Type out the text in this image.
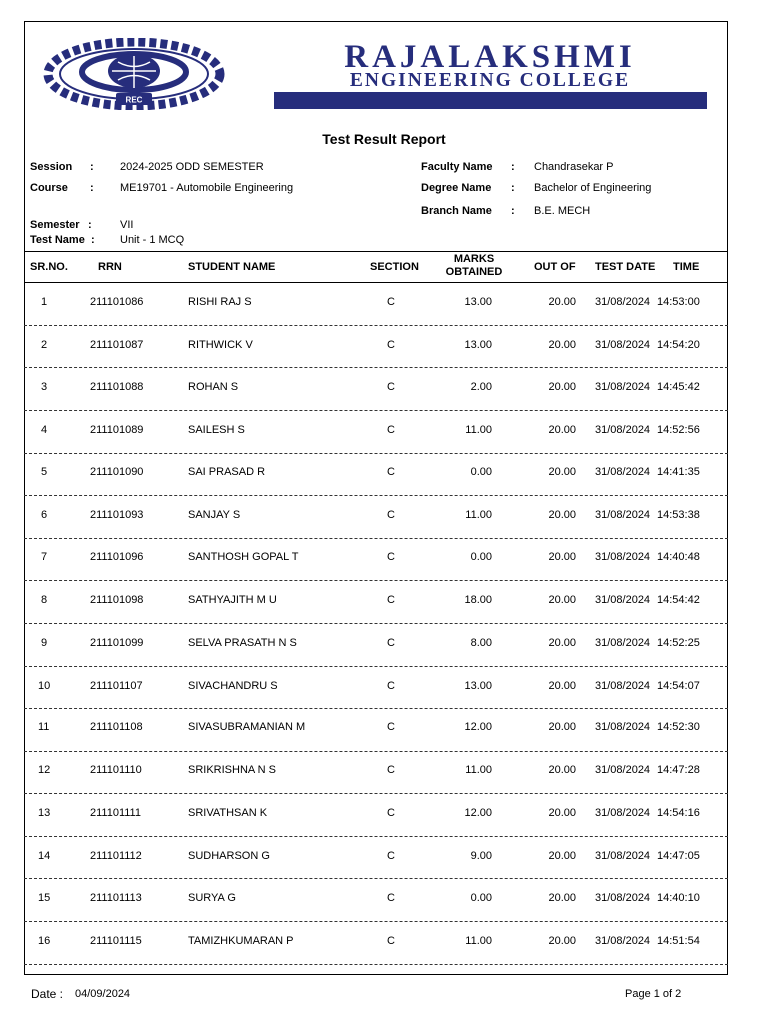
REC
RAJALAKSHMI
ENGINEERING COLLEGE
Test Result Report
Session : 2024-2025 ODD SEMESTER
Course : ME19701 - Automobile Engineering
Semester :	VII
Test Name : Unit - 1 MCQ
Faculty Name : Chandrasekar P
Degree Name : Bachelor of Engineering
Branch Name : B.E. MECH
SR.NO.	RRN	STUDENT NAME	SECTION
MARKS
OBTAINED	OUT OF TEST DATE TIME
1	211101086	RISHI RAJ S	C	13.00	20.00 31/08/2024 14:53:00
2	211101087	RITHWICK V	C	13.00	20.00 31/08/2024 14:54:20
3	211101088	ROHAN S	C	2.00	20.00 31/08/2024 14:45:42
4	211101089	SAILESH S	C	11.00	20.00 31/08/2024 14:52:56
5	211101090	SAI PRASAD R	C	0.00	20.00 31/08/2024 14:41:35
6	211101093	SANJAY S	C	11.00	20.00 31/08/2024 14:53:38
7	211101096	SANTHOSH GOPAL T	C	0.00	20.00 31/08/2024 14:40:48
8	211101098	SATHYAJITH M U	C	18.00	20.00 31/08/2024 14:54:42
9	211101099	SELVA PRASATH N S	C	8.00	20.00 31/08/2024 14:52:25
10	211101107	SIVACHANDRU S	C	13.00	20.00 31/08/2024 14:54:07
11	211101108	SIVASUBRAMANIAN M	C	12.00	20.00 31/08/2024 14:52:30
12	211101110	SRIKRISHNA N S	C	11.00	20.00 31/08/2024 14:47:28
13	211101111	SRIVATHSAN K	C	12.00	20.00 31/08/2024 14:54:16
14	211101112	SUDHARSON G	C	9.00	20.00 31/08/2024 14:47:05
15	211101113	SURYA G	C	0.00	20.00 31/08/2024 14:40:10
16	211101115	TAMIZHKUMARAN P	C	11.00	20.00 31/08/2024 14:51:54
Date : 04/09/2024	Page 1 of 2
